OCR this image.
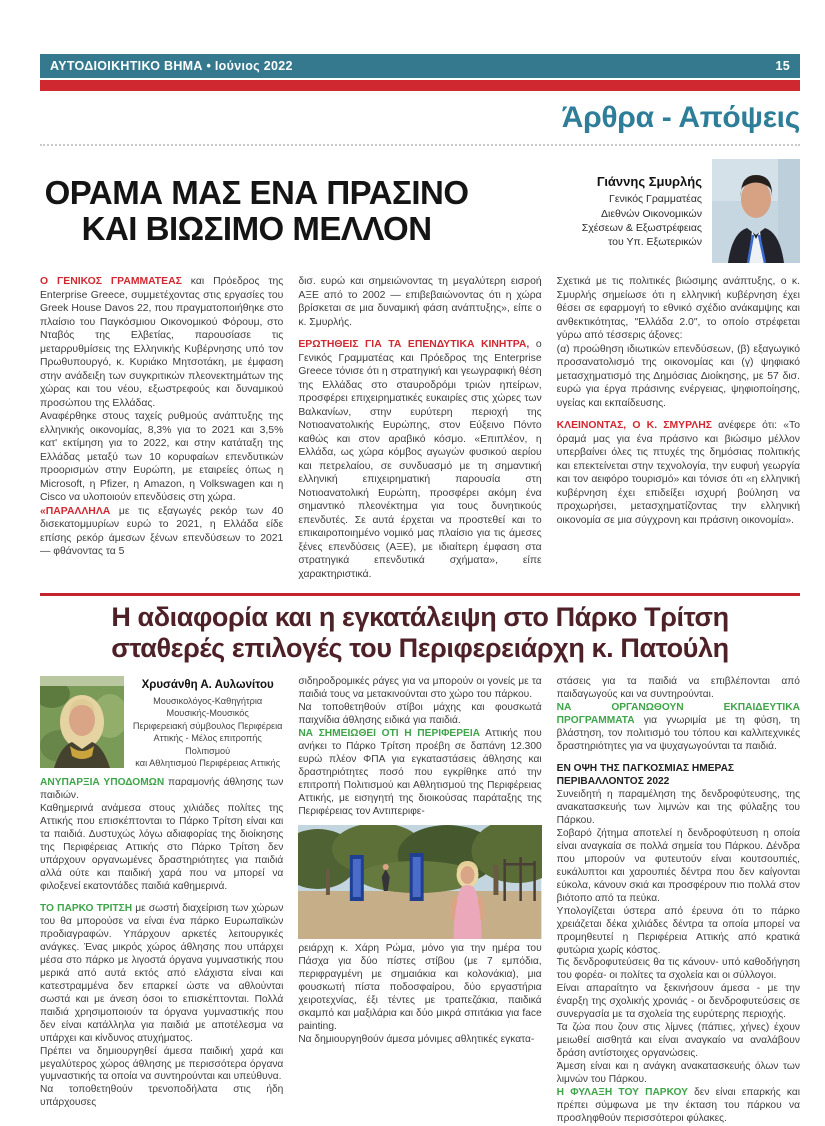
ΑΥΤΟΔΙΟΙΚΗΤΙΚΟ ΒΗΜΑ • Ιούνιος 2022	15
Άρθρα - Απόψεις
ΟΡΑΜΑ ΜΑΣ ΕΝΑ ΠΡΑΣΙΝΟ ΚΑΙ ΒΙΩΣΙΜΟ ΜΕΛΛΟΝ
Γιάννης Σμυρλής
Γενικός Γραμματέας
Διεθνών Οικονομικών
Σχέσεων & Εξωστρέφειας
του Υπ. Εξωτερικών

Ο ΓΕΝΙΚΟΣ ΓΡΑΜΜΑΤΕΑΣ και Πρόεδρος της Enterprise Greece, συμμετέχοντας στις εργασίες του Greek House Davos 22, που πραγματοποιήθηκε στο πλαίσιο του Παγκόσμιου Οικονομικού Φόρουμ, στο Νταβός της Ελβετίας, παρουσίασε τις μεταρρυθμίσεις της Ελληνικής Κυβέρνησης υπό τον Πρωθυπουργό, κ. Κυριάκο Μητσοτάκη, με έμφαση στην ανάδειξη των συγκριτικών πλεονεκτημάτων της χώρας και του νέου, εξωστρεφούς και δυναμικού προσώπου της Ελλάδας.

Αναφέρθηκε στους ταχείς ρυθμούς ανάπτυξης της ελληνικής οικονομίας, 8,3% για το 2021 και 3,5% κατ' εκτίμηση για το 2022, και στην κατάταξη της Ελλάδας μεταξύ των 10 κορυφαίων επενδυτικών προορισμών στην Ευρώπη, με εταιρείες όπως η Microsoft, η Pfizer, η Amazon, η Volkswagen και η Cisco να υλοποιούν επενδύσεις στη χώρα.

«ΠΑΡΑΛΛΗΛΑ με τις εξαγωγές ρεκόρ των 40 δισεκατομμυρίων ευρώ το 2021, η Ελλάδα είδε επίσης ρεκόρ άμεσων ξένων επενδύσεων το 2021 — φθάνοντας τα 5

δισ. ευρώ και σημειώνοντας τη μεγαλύτερη εισροή ΑΞΕ από το 2002 — επιβεβαιώνοντας ότι η χώρα βρίσκεται σε μια δυναμική φάση ανάπτυξης», είπε ο κ. Σμυρλής.

ΕΡΩΤΗΘΕΙΣ ΓΙΑ ΤΑ ΕΠΕΝΔΥΤΙΚΑ ΚΙΝΗΤΡΑ, ο Γενικός Γραμματέας και Πρόεδρος της Enterprise Greece τόνισε ότι η στρατηγική και γεωγραφική θέση της Ελλάδας στο σταυροδρόμι τριών ηπείρων, προσφέρει επιχειρηματικές ευκαιρίες στις χώρες των Βαλκανίων, στην ευρύτερη περιοχή της Νοτιοανατολικής Ευρώπης, στον Εύξεινο Πόντο καθώς και στον αραβικό κόσμο. «Επιπλέον, η Ελλάδα, ως χώρα κόμβος αγωγών φυσικού αερίου και πετρελαίου, σε συνδυασμό με τη σημαντική ελληνική επιχειρηματική παρουσία στη Νοτιοανατολική Ευρώπη, προσφέρει ακόμη ένα σημαντικό πλεονέκτημα για τους δυνητικούς επενδυτές. Σε αυτά έρχεται να προστεθεί και το επικαιροποιημένο νομικό μας πλαίσιο για τις άμεσες ξένες επενδύσεις (ΑΞΕ), με ιδιαίτερη έμφαση στα στρατηγικά επενδυτικά σχήματα», είπε χαρακτηριστικά.

Σχετικά με τις πολιτικές βιώσιμης ανάπτυξης, ο κ. Σμυρλής σημείωσε ότι η ελληνική κυβέρνηση έχει θέσει σε εφαρμογή το εθνικό σχέδιο ανάκαμψης και ανθεκτικότητας, "Ελλάδα 2.0", το οποίο στρέφεται γύρω από τέσσερις άξονες:

(α) προώθηση ιδιωτικών επενδύσεων, (β) εξαγωγικό προσανατολισμό της οικονομίας και (γ) ψηφιακό μετασχηματισμό της Δημόσιας Διοίκησης, με 57 δισ. ευρώ για έργα πράσινης ενέργειας, ψηφιοποίησης, υγείας και εκπαίδευσης.

ΚΛΕΙΝΟΝΤΑΣ, Ο Κ. ΣΜΥΡΛΗΣ ανέφερε ότι: «Το όραμά μας για ένα πράσινο και βιώσιμο μέλλον υπερβαίνει όλες τις πτυχές της δημόσιας πολιτικής και επεκτείνεται στην τεχνολογία, την ευφυή γεωργία και τον αειφόρο τουρισμό» και τόνισε ότι «η ελληνική κυβέρνηση έχει επιδείξει ισχυρή βούληση να προχωρήσει, μετασχηματίζοντας την ελληνική οικονομία σε μια σύγχρονη και πράσινη οικονομία».

Η αδιαφορία και η εγκατάλειψη στο Πάρκο Τρίτση σταθερές επιλογές του Περιφερειάρχη κ. Πατούλη
Χρυσάνθη Α. Αυλωνίτου
Μουσικολόγος-Καθηγήτρια
Μουσικής-Μουσικός
Περιφερειακή σύμβουλος Περιφέρεια
Αττικής - Μέλος επιτροπής Πολιτισμού
και Αθλητισμού Περιφέρειας Αττικής

ΑΝΥΠΑΡΞΙΑ ΥΠΟΔΟΜΩΝ παραμονής άθλησης των παιδιών.

Καθημερινά ανάμεσα στους χιλιάδες πολίτες της Αττικής που επισκέπτονται το Πάρκο Τρίτση είναι και τα παιδιά. Δυστυχώς λόγω αδιαφορίας της διοίκησης της Περιφέρειας Αττικής στο Πάρκο Τρίτση δεν υπάρχουν οργανωμένες δραστηριότητες για παιδιά αλλά ούτε και παιδική χαρά που να μπορεί να φιλοξενεί εκατοντάδες παιδιά καθημερινά.

ΤΟ ΠΑΡΚΟ ΤΡΙΤΣΗ με σωστή διαχείριση των χώρων του θα μπορούσε να είναι ένα πάρκο Ευρωπαϊκών προδιαγραφών. Υπάρχουν αρκετές λειτουργικές ανάγκες. Ένας μικρός χώρος άθλησης που υπάρχει μέσα στο πάρκο με λιγοστά όργανα γυμναστικής που μερικά από αυτά εκτός από ελάχιστα είναι και κατεστραμμένα δεν επαρκεί ώστε να αθλούνται σωστά και με άνεση όσοι το επισκέπτονται. Πολλά παιδιά χρησιμοποιούν τα όργανα γυμναστικής που δεν είναι κατάλληλα για παιδιά με αποτέλεσμα να υπάρχει και κίνδυνος ατυχήματος.

Πρέπει να δημιουργηθεί άμεσα παιδική χαρά και μεγαλύτερος χώρος άθλησης με περισσότερα όργανα γυμναστικής τα οποία να συντηρούνται και υπεύθυνα.

Να τοποθετηθούν τρενοποδήλατα στις ήδη υπάρχουσες

σιδηροδρομικές ράγες για να μπορούν οι γονείς με τα παιδιά τους να μετακινούνται στο χώρο του πάρκου.

Να τοποθετηθούν στίβοι μάχης και φουσκωτά παιχνίδια άθλησης ειδικά για παιδιά.

ΝΑ ΣΗΜΕΙΩΘΕΙ ΟΤΙ Η ΠΕΡΙΦΕΡΕΙΑ Αττικής που ανήκει το Πάρκο Τρίτση προέβη σε δαπάνη 12.300 ευρώ πλέον ΦΠΑ για εγκαταστάσεις άθλησης και δραστηριότητες ποσό που εγκρίθηκε από την επιτροπή Πολιτισμού και Αθλητισμού της Περιφέρειας Αττικής, με εισηγητή της διοικούσας παράταξης της Περιφέρειας τον Αντιπεριφε-

ρειάρχη κ. Χάρη Ρώμα, μόνο για την ημέρα του Πάσχα για δύο πίστες στίβου (με 7 εμπόδια, περιφραγμένη με σημαιάκια και κολονάκια), μια φουσκωτή πίστα ποδοσφαίρου, δύο εργαστήρια χειροτεχνίας, έξι τέντες με τραπεζάκια, παιδικά σκαμπό και μαξιλάρια και δύο μικρά σπιτάκια για face painting.

Να δημιουργηθούν άμεσα μόνιμες αθλητικές εγκατα-

στάσεις για τα παιδιά να επιβλέπονται από παιδαγωγούς και να συντηρούνται.

ΝΑ ΟΡΓΑΝΩΘΟΥΝ ΕΚΠΑΙΔΕΥΤΙΚΑ ΠΡΟΓΡΑΜΜΑΤΑ για γνωριμία με τη φύση, τη βλάστηση, τον πολιτισμό του τόπου και καλλιτεχνικές δραστηριότητες για να ψυχαγωγούνται τα παιδιά.

ΕΝ ΟΨΗ ΤΗΣ ΠΑΓΚΟΣΜΙΑΣ ΗΜΕΡΑΣ ΠΕΡΙΒΑΛΛΟΝΤΟΣ 2022
Συνειδητή η παραμέληση της δενδροφύτευσης, της ανακατασκευής των λιμνών και της φύλαξης του Πάρκου.

Σοβαρό ζήτημα αποτελεί η δενδροφύτευση η οποία είναι αναγκαία σε πολλά σημεία του Πάρκου. Δένδρα που μπορούν να φυτευτούν είναι κουτσουπιές, ευκάλυπτοι και χαρουπιές δέντρα που δεν καίγονται εύκολα, κάνουν σκιά και προσφέρουν πιο πολλά στον βιότοπο από τα πεύκα.

Υπολογίζεται ύστερα από έρευνα ότι το πάρκο χρειάζεται δέκα χιλιάδες δέντρα τα οποία μπορεί να προμηθευτεί η Περιφέρεια Αττικής από κρατικά φυτώρια χωρίς κόστος.

Τις δενδροφυτεύσεις θα τις κάνουν- υπό καθοδήγηση του φορέα- οι πολίτες τα σχολεία και οι σύλλογοι.

Είναι απαραίτητο να ξεκινήσουν άμεσα - με την έναρξη της σχολικής χρονιάς - οι δενδροφυτεύσεις σε συνεργασία με τα σχολεία της ευρύτερης περιοχής.

Τα ζώα που ζουν στις λίμνες (πάπιες, χήνες) έχουν μειωθεί αισθητά και είναι αναγκαίο να αναλάβουν δράση αντίστοιχες οργανώσεις.

Άμεση είναι και η ανάγκη ανακατασκευής όλων των λιμνών του Πάρκου.

Η ΦΥΛΑΞΗ ΤΟΥ ΠΑΡΚΟΥ δεν είναι επαρκής και πρέπει σύμφωνα με την έκταση του πάρκου να προσληφθούν περισσότεροι φύλακες.
